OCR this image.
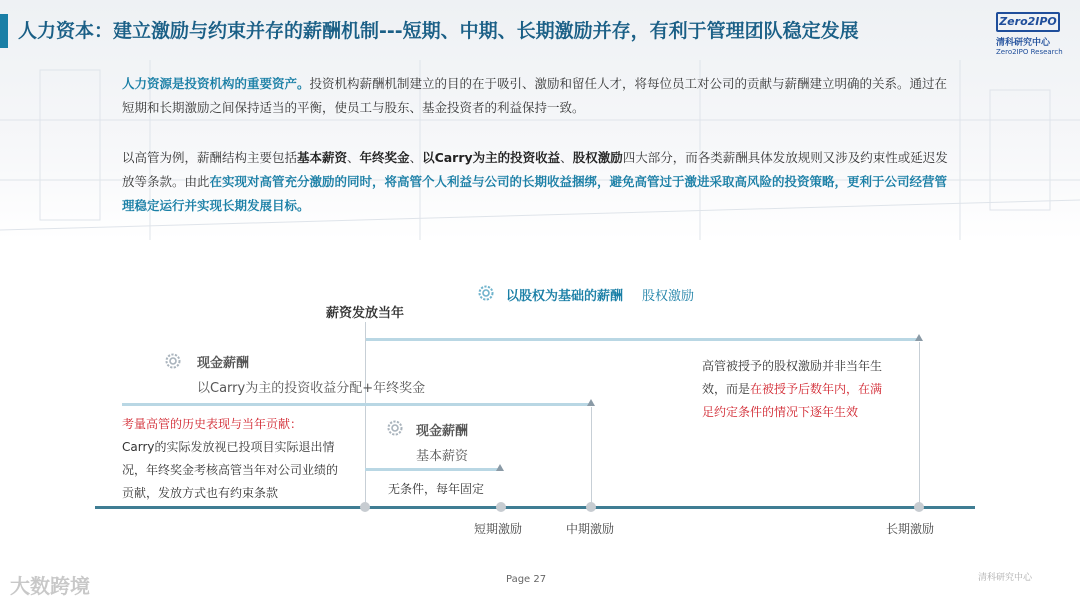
人力资本：建立激励与约束并存的薪酬机制---短期、中期、长期激励并存，有利于管理团队稳定发展	Zero2IPO
清科研究中心
Zero2IPO Research
人力资源是投资机构的重要资产。投资机构薪酬机制建立的目的在于吸引、激励和留任人才，将每位员工对公司的贡献与薪酬建立明确的关系。通过在短期和长期激励之间保持适当的平衡，使员工与股东、基金投资者的利益保持一致。
以高管为例，薪酬结构主要包括基本薪资、年终奖金、以Carry为主的投资收益、股权激励四大部分，而各类薪酬具体发放规则又涉及约束性或延迟发放等条款。由此在实现对高管充分激励的同时，将高管个人利益与公司的长期收益捆绑，避免高管过于激进采取高风险的投资策略，更利于公司经营管理稳定运行并实现长期发展目标。
以股权为基础的薪酬 股权激励
薪资发放当年
现金薪酬
以Carry为主的投资收益分配+年终奖金
考量高管的历史表现与当年贡献：
Carry的实际发放视已投项目实际退出情况，年终奖金考核高管当年对公司业绩的贡献，发放方式也有约束条款
现金薪酬
基本薪资
无条件，每年固定
高管被授予的股权激励并非当年生效，而是在被授予后数年内，在满足约定条件的情况下逐年生效
短期激励	中期激励	长期激励
大数跨境	Page 27	清科研究中心
